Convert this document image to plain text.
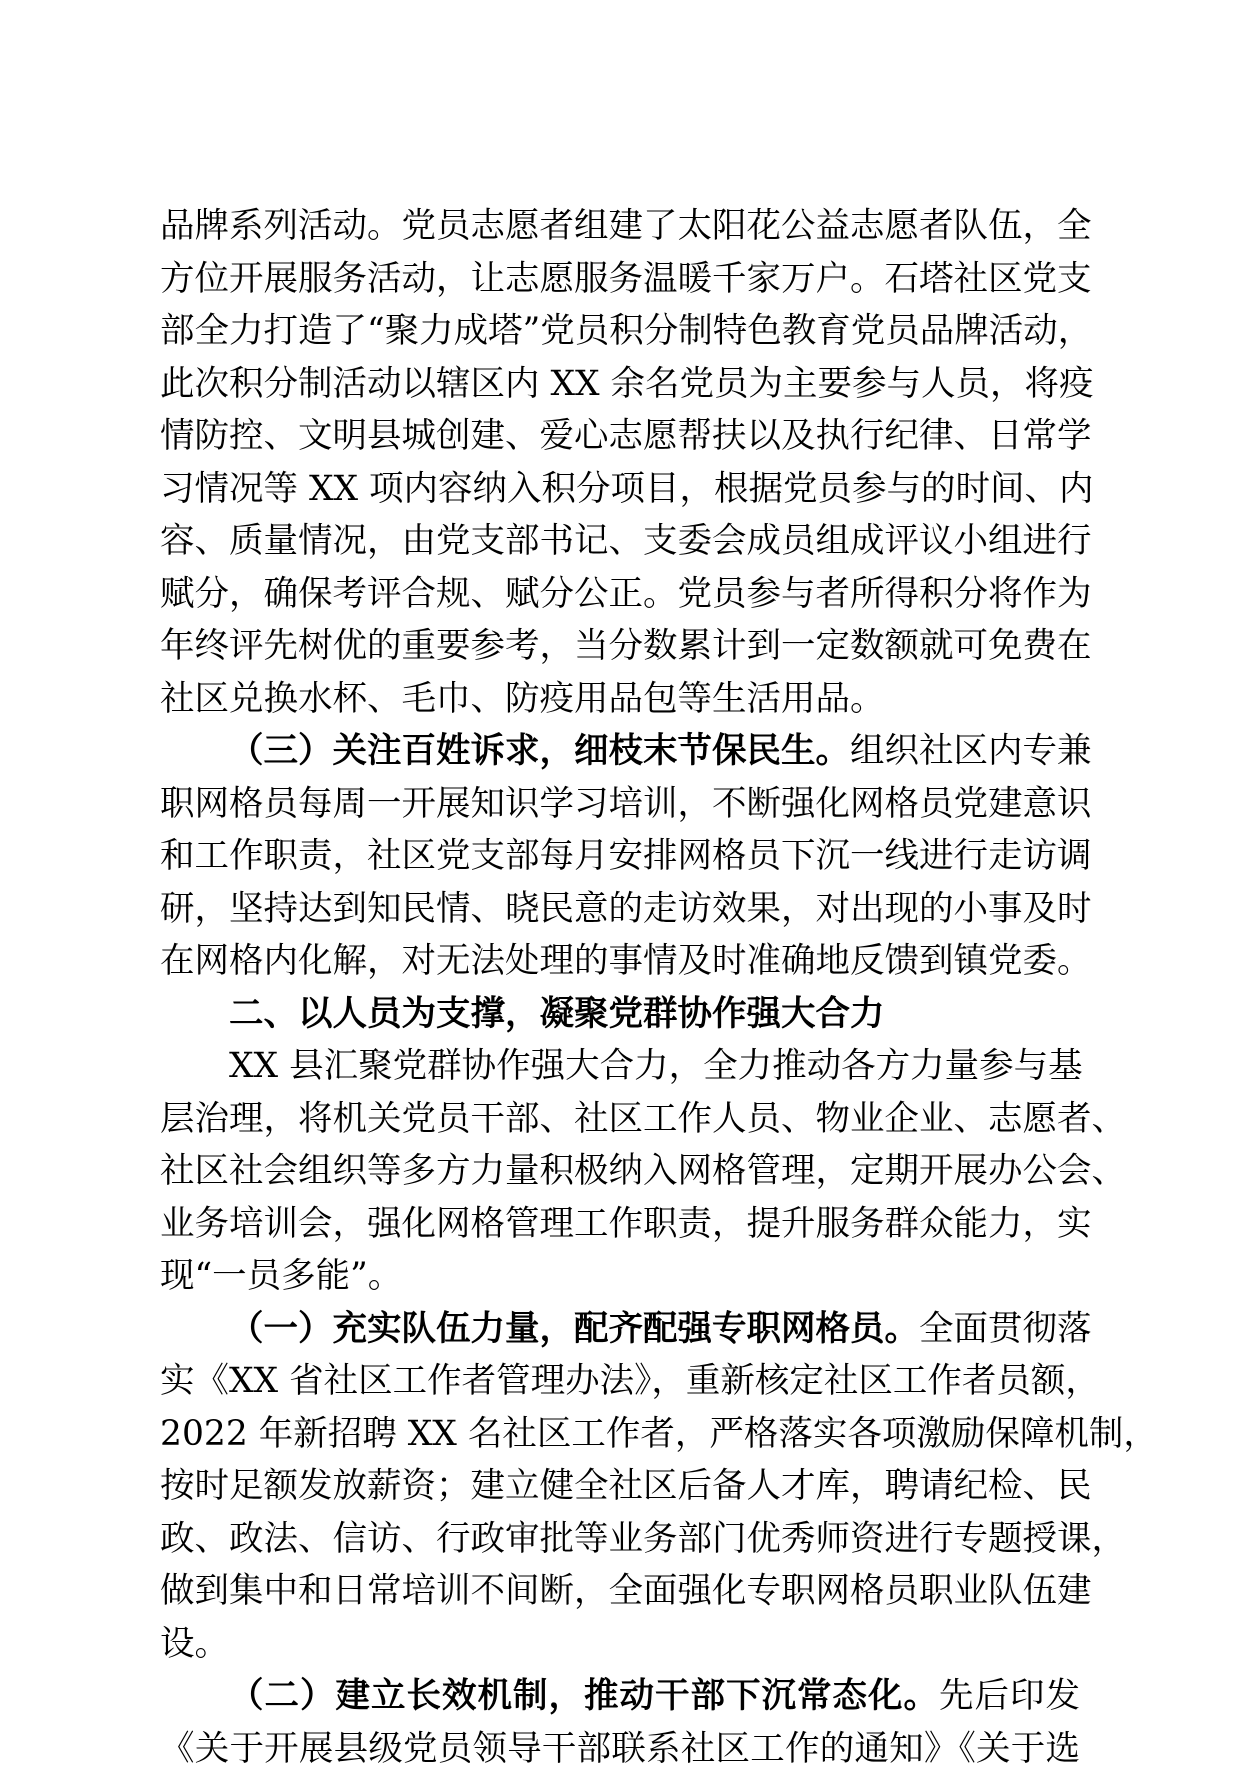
品牌系列活动。党员志愿者组建了太阳花公益志愿者队伍，全
方位开展服务活动，让志愿服务温暖千家万户。石塔社区党支
部全力打造了“聚力成塔”党员积分制特色教育党员品牌活动，
此次积分制活动以辖区内 XX 余名党员为主要参与人员，将疫
情防控、文明县城创建、爱心志愿帮扶以及执行纪律、日常学
习情况等 XX 项内容纳入积分项目，根据党员参与的时间、内
容、质量情况，由党支部书记、支委会成员组成评议小组进行
赋分，确保考评合规、赋分公正。党员参与者所得积分将作为
年终评先树优的重要参考，当分数累计到一定数额就可免费在
社区兑换水杯、毛巾、防疫用品包等生活用品。
（三）关注百姓诉求，细枝末节保民生。组织社区内专兼
职网格员每周一开展知识学习培训，不断强化网格员党建意识
和工作职责，社区党支部每月安排网格员下沉一线进行走访调
研，坚持达到知民情、晓民意的走访效果，对出现的小事及时
在网格内化解，对无法处理的事情及时准确地反馈到镇党委。
二、以人员为支撑，凝聚党群协作强大合力
XX 县汇聚党群协作强大合力，全力推动各方力量参与基
层治理，将机关党员干部、社区工作人员、物业企业、志愿者、
社区社会组织等多方力量积极纳入网格管理，定期开展办公会、
业务培训会，强化网格管理工作职责，提升服务群众能力，实
现“一员多能”。
（一）充实队伍力量，配齐配强专职网格员。全面贯彻落
实《XX 省社区工作者管理办法》，重新核定社区工作者员额，
2022 年新招聘 XX 名社区工作者，严格落实各项激励保障机制，
按时足额发放薪资；建立健全社区后备人才库，聘请纪检、民
政、政法、信访、行政审批等业务部门优秀师资进行专题授课，
做到集中和日常培训不间断，全面强化专职网格员职业队伍建
设。
（二）建立长效机制，推动干部下沉常态化。先后印发
《关于开展县级党员领导干部联系社区工作的通知》《关于选
